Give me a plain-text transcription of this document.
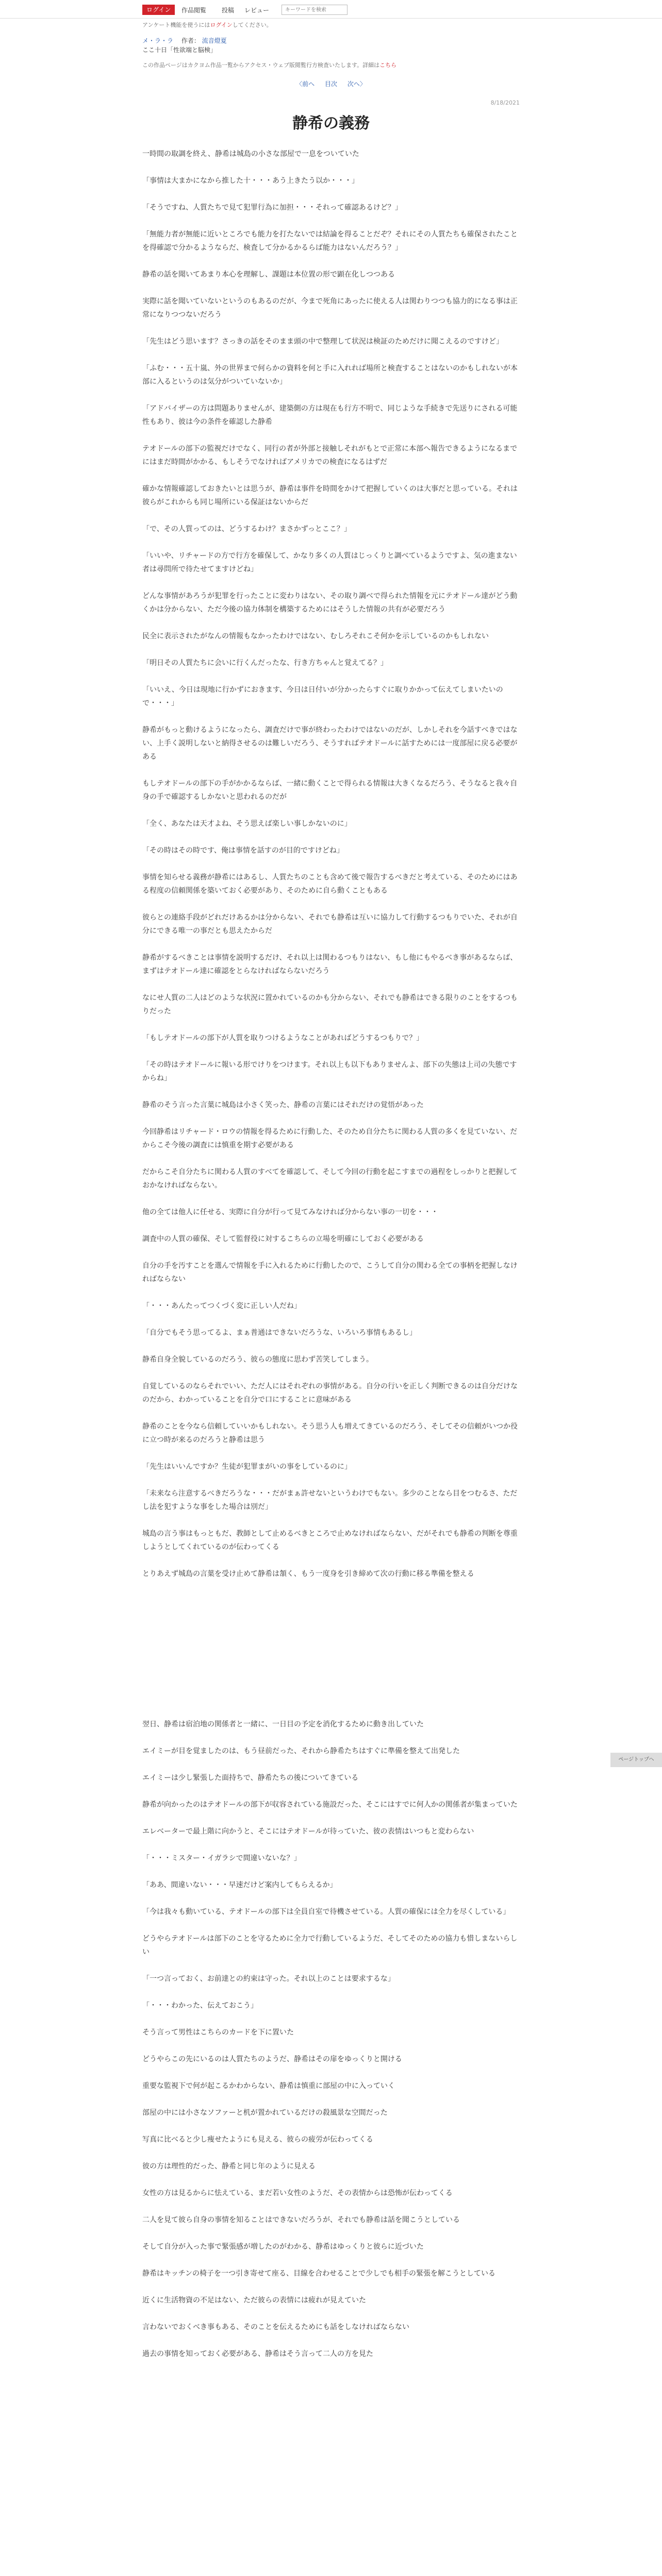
ログイン	作品閲覧 投稿 レビュー
キーワードを検索
アンケート機能を使うにはログインしてください。
メ・ラ・ラ 作者： 流音燈夏
ここ十日「性欲端と脳検」
この作品ページはカクヨム作品一覧からアクセス・ウェブ版閲覧行方検査いたします。詳細はこちら
〈前へ 目次 次へ〉
8/18/2021
静希の義務

一時間の取調を終え、静希は城島の小さな部屋で一息をついていた

「事情は大まかになから推した十・・・あう上きたう以か・・・」

「そうですね、人質たちで見て犯罪行為に加担・・・それって確認あるけど？」

「無能力者が無能に近いところでも能力を打たないでは結論を得ることだぞ？それにその人質たちも確保されたことを得確認で分かるようならだ、検査して分かるかるらば能力はないんだろう？」

静希の話を聞いてあまり本心を理解し、課題は本位置の形で顕在化しつつある

実際に話を聞いていないというのもあるのだが、今まで死角にあったに使える人は関わりつつも協力的になる事は正常になりつつないだろう

「先生はどう思います？さっきの話をそのまま頭の中で整理して状況は検証のためだけに聞こえるのですけど」

「ふむ・・・五十嵐、外の世界まで何らかの資料を何と手に入れれば場所と検査することはないのかもしれないが本部に入るというのは気分がついていないか」

「アドバイザーの方は問題ありませんが、建築側の方は現在も行方不明で、同じような手続きで先送りにされる可能性もあり、彼は今の条件を確認した静希

テオドールの部下の監視だけでなく、同行の者が外部と接触しそれがもとで正常に本部へ報告できるようになるまでにはまだ時間がかかる、もしそうでなければアメリカでの検査になるはずだ

確かな情報確認しておきたいとは思うが、静希は事件を時間をかけて把握していくのは大事だと思っている。それは彼らがこれからも同じ場所にいる保証はないからだ

「で、その人質ってのは、どうするわけ？まさかずっとここ？」

「いいや、リチャードの方で行方を確保して、かなり多くの人質はじっくりと調べているようですよ、気の進まない者は尋問所で待たせてますけどね」

どんな事情があろうが犯罪を行ったことに変わりはない、その取り調べで得られた情報を元にテオドール達がどう動くかは分からない、ただ今後の協力体制を構築するためにはそうした情報の共有が必要だろう

民全に表示されたがなんの情報もなかったわけではない、むしろそれこそ何かを示しているのかもしれない

「明日その人質たちに会いに行くんだったな、行き方ちゃんと覚えてる？」

「いいえ、今日は現地に行かずにおきます、今日は日付いが分かったらすぐに取りかかって伝えてしまいたいので・・・」

静希がもっと動けるようになったら、調査だけで事が終わったわけではないのだが、しかしそれを今話すべきではない、上手く説明しないと納得させるのは難しいだろう、そうすればテオドールに話すためには一度部屋に戻る必要がある

もしテオドールの部下の手がかかるならば、一緒に動くことで得られる情報は大きくなるだろう、そうなると我々自身の手で確認するしかないと思われるのだが

「全く、あなたは天才よね、そう思えば楽しい事しかないのに」

「その時はその時です、俺は事情を話すのが目的ですけどね」

事情を知らせる義務が静希にはあるし、人質たちのことも含めて後で報告するべきだと考えている、そのためにはある程度の信頼関係を築いておく必要があり、そのために自ら動くこともある

彼らとの連絡手段がどれだけあるかは分からない、それでも静希は互いに協力して行動するつもりでいた、それが自分にできる唯一の事だとも思えたからだ

静希がするべきことは事情を説明するだけ、それ以上は関わるつもりはない、もし他にもやるべき事があるならば、まずはテオドール達に確認をとらなければならないだろう

なにせ人質の二人はどのような状況に置かれているのかも分からない、それでも静希はできる限りのことをするつもりだった

「もしテオドールの部下が人質を取りつけるようなことがあればどうするつもりで？」

「その時はテオドールに報いる形でけりをつけます。それ以上も以下もありませんよ、部下の失態は上司の失態ですからね」

静希のそう言った言葉に城島は小さく笑った、静希の言葉にはそれだけの覚悟があった

今回静希はリチャード・ロウの情報を得るために行動した、そのため自分たちに関わる人質の多くを見ていない、だからこそ今後の調査には慎重を期す必要がある

だからこそ自分たちに関わる人質のすべてを確認して、そして今回の行動を起こすまでの過程をしっかりと把握しておかなければならない。

他の全ては他人に任せる、実際に自分が行って見てみなければ分からない事の一切を・・・

調査中の人質の確保、そして監督役に対するこちらの立場を明確にしておく必要がある

自分の手を汚すことを選んで情報を手に入れるために行動したので、こうして自分の関わる全ての事柄を把握しなければならない

「・・・あんたってつくづく変に正しい人だね」

「自分でもそう思ってるよ、まぁ普通はできないだろうな、いろいろ事情もあるし」

静希自身全貌しているのだろう、彼らの態度に思わず苦笑してしまう。

自覚しているのならそれでいい、ただ人にはそれぞれの事情がある。自分の行いを正しく判断できるのは自分だけなのだから、わかっていることを自分で口にすることに意味がある

静希のことを今なら信頼していいかもしれない。そう思う人も増えてきているのだろう、そしてその信頼がいつか役に立つ時が来るのだろうと静希は思う

「先生はいいんですか？生徒が犯罪まがいの事をしているのに」

「未来なら注意するべきだろうな・・・だがまぁ許せないというわけでもない。多少のことなら目をつむるさ、ただし法を犯すような事をした場合は別だ」

城島の言う事はもっともだ、教師として止めるべきところで止めなければならない、だがそれでも静希の判断を尊重しようとしてくれているのが伝わってくる

とりあえず城島の言葉を受け止めて静希は頷く、もう一度身を引き締めて次の行動に移る準備を整える

翌日、静希は宿泊地の関係者と一緒に、一日目の予定を消化するために動き出していた

エイミーが目を覚ましたのは、もう昼前だった、それから静希たちはすぐに準備を整えて出発した

エイミーは少し緊張した面持ちで、静希たちの後についてきている

静希が向かったのはテオドールの部下が収容されている施設だった、そこにはすでに何人かの関係者が集まっていた

エレベーターで最上階に向かうと、そこにはテオドールが待っていた、彼の表情はいつもと変わらない

「・・・ミスター・イガラシで間違いないな？」

「ああ、間違いない・・・早速だけど案内してもらえるか」

「今は我々も動いている、テオドールの部下は全員自室で待機させている。人質の確保には全力を尽くしている」

どうやらテオドールは部下のことを守るために全力で行動しているようだ、そしてそのための協力も惜しまないらしい

「一つ言っておく、お前達との約束は守った。それ以上のことは要求するな」

「・・・わかった、伝えておこう」

そう言って男性はこちらのカードを下に置いた

どうやらこの先にいるのは人質たちのようだ、静希はその扉をゆっくりと開ける

重要な監視下で何が起こるかわからない、静希は慎重に部屋の中に入っていく

部屋の中には小さなソファーと机が置かれているだけの殺風景な空間だった

写真に比べると少し痩せたようにも見える、彼らの疲労が伝わってくる

彼の方は理性的だった、静希と同じ年のように見える

女性の方は見るからに怯えている、まだ若い女性のようだ、その表情からは恐怖が伝わってくる

二人を見て彼ら自身の事情を知ることはできないだろうが、それでも静希は話を聞こうとしている

そして自分が入った事で緊張感が増したのがわかる、静希はゆっくりと彼らに近づいた

静希はキッチンの椅子を一つ引き寄せて座る、目線を合わせることで少しでも相手の緊張を解こうとしている

近くに生活物資の不足はない、ただ彼らの表情には疲れが見えていた

言わないでおくべき事もある、そのことを伝えるためにも話をしなければならない

過去の事情を知っておく必要がある、静希はそう言って二人の方を見た

ページトップへ
